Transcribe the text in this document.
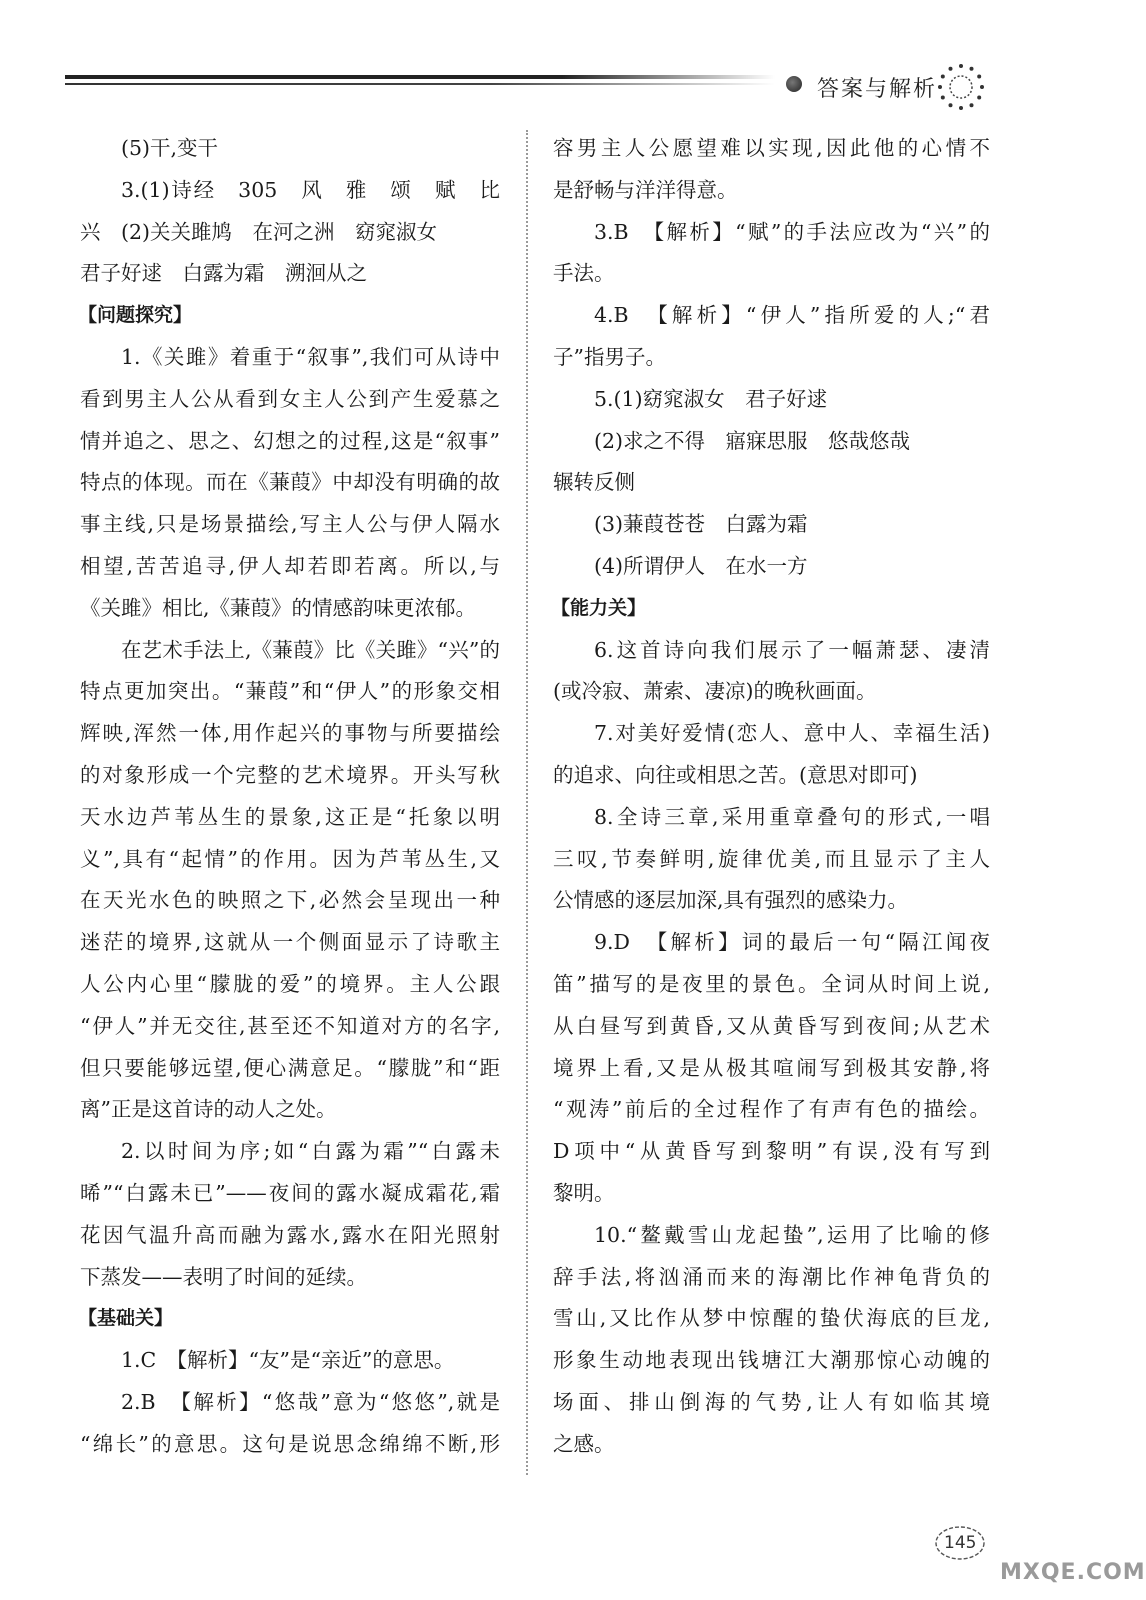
答案与解析
(5)干,变干
3.(1)诗经　305　风　雅　颂　赋　比
兴　(2)关关雎鸠　在河之洲　窈窕淑女
君子好逑　白露为霜　溯洄从之
【问题探究】
1.《关雎》着重于“叙事”,我们可从诗中
看到男主人公从看到女主人公到产生爱慕之
情并追之、思之、幻想之的过程,这是“叙事”
特点的体现。而在《蒹葭》中却没有明确的故
事主线,只是场景描绘,写主人公与伊人隔水
相望,苦苦追寻,伊人却若即若离。所以,与
《关雎》相比,《蒹葭》的情感韵味更浓郁。
在艺术手法上,《蒹葭》比《关雎》“兴”的
特点更加突出。“蒹葭”和“伊人”的形象交相
辉映,浑然一体,用作起兴的事物与所要描绘
的对象形成一个完整的艺术境界。开头写秋
天水边芦苇丛生的景象,这正是“托象以明
义”,具有“起情”的作用。因为芦苇丛生,又
在天光水色的映照之下,必然会呈现出一种
迷茫的境界,这就从一个侧面显示了诗歌主
人公内心里“朦胧的爱”的境界。主人公跟
“伊人”并无交往,甚至还不知道对方的名字,
但只要能够远望,便心满意足。“朦胧”和“距
离”正是这首诗的动人之处。
2.以时间为序;如“白露为霜”“白露未
晞”“白露未已”——夜间的露水凝成霜花,霜
花因气温升高而融为露水,露水在阳光照射
下蒸发——表明了时间的延续。
【基础关】
1.C　【解析】“友”是“亲近”的意思。
2.B　【解析】“悠哉”意为“悠悠”,就是
“绵长”的意思。这句是说思念绵绵不断,形
容男主人公愿望难以实现,因此他的心情不
是舒畅与洋洋得意。
3.B　【解析】“赋”的手法应改为“兴”的
手法。
4.B　【解析】“伊人”指所爱的人;“君
子”指男子。
5.(1)窈窕淑女　君子好逑
(2)求之不得　寤寐思服　悠哉悠哉
辗转反侧
(3)蒹葭苍苍　白露为霜
(4)所谓伊人　在水一方
【能力关】
6.这首诗向我们展示了一幅萧瑟、凄清
(或冷寂、萧索、凄凉)的晚秋画面。
7.对美好爱情(恋人、意中人、幸福生活)
的追求、向往或相思之苦。(意思对即可)
8.全诗三章,采用重章叠句的形式,一唱
三叹,节奏鲜明,旋律优美,而且显示了主人
公情感的逐层加深,具有强烈的感染力。
9.D　【解析】词的最后一句“隔江闻夜
笛”描写的是夜里的景色。全词从时间上说,
从白昼写到黄昏,又从黄昏写到夜间;从艺术
境界上看,又是从极其喧闹写到极其安静,将
“观涛”前后的全过程作了有声有色的描绘。
D项中“从黄昏写到黎明”有误,没有写到
黎明。
10.“鳌戴雪山龙起蛰”,运用了比喻的修
辞手法,将汹涌而来的海潮比作神龟背负的
雪山,又比作从梦中惊醒的蛰伏海底的巨龙,
形象生动地表现出钱塘江大潮那惊心动魄的
场面、排山倒海的气势,让人有如临其境
之感。
145
MXQE.COM
